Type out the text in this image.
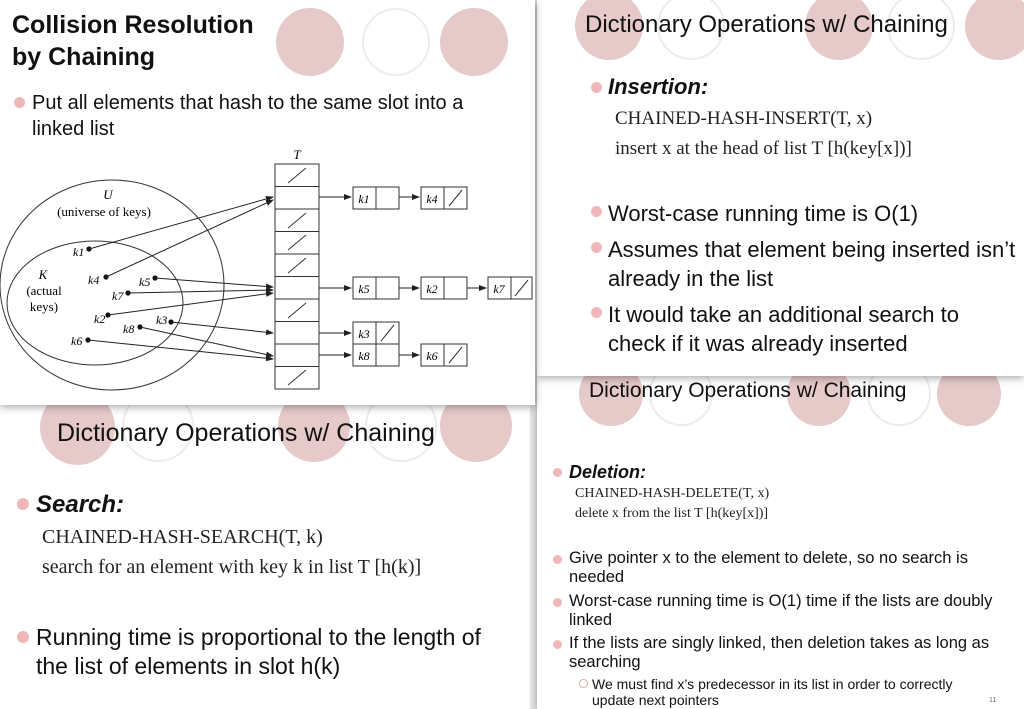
Dictionary Operations w/ Chaining
Search:
CHAINED-HASH-SEARCH(T, k)
search for an element with key k in list T [h(k)]
Running time is proportional to the length of the list of elements in slot h(k)
Dictionary Operations w/ Chaining
Deletion:
CHAINED-HASH-DELETE(T, x)
delete x from the list T [h(key[x])]
Give pointer x to the element to delete, so no search is needed
Worst-case running time is O(1) time if the lists are doubly linked
If the lists are singly linked, then deletion takes as long as searching
We must find x’s predecessor in its list in order to correctly update next pointers	11
Dictionary Operations w/ Chaining
Insertion:
CHAINED-HASH-INSERT(T, x)
insert x at the head of list T [h(key[x])]
Worst-case running time is O(1)
Assumes that element being inserted isn’t already in the list
It would take an additional search to check if it was already inserted
Collision Resolution
by Chaining
Put all elements that hash to the same slot into a linked list
U
(universe of keys)
K
(actual
keys)
T
k1
k4	k5
k7
k2	k3
k8
k6
k1	k4
k5	k2	k7
k3
k8	k6
